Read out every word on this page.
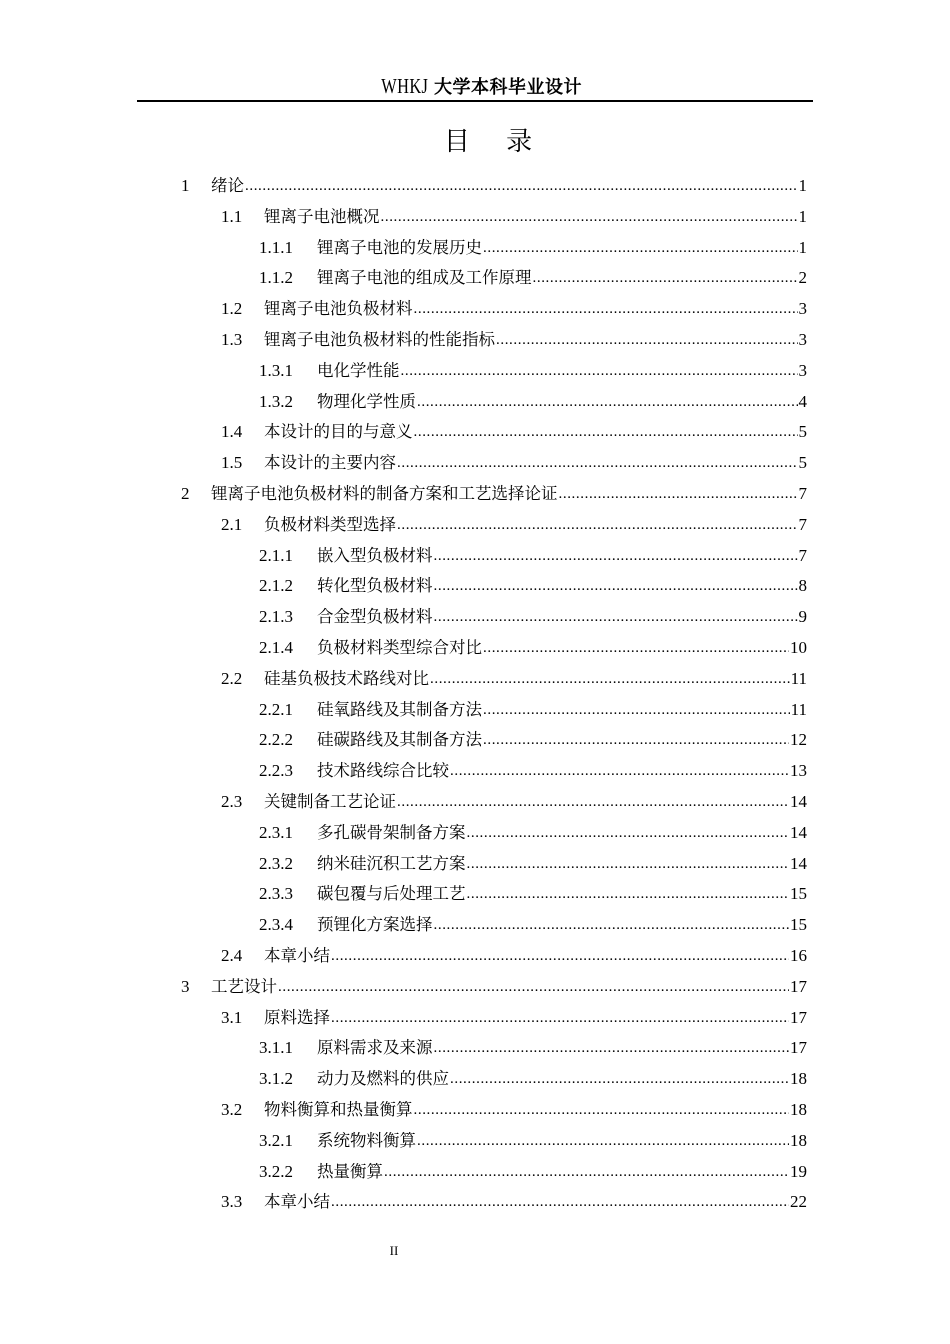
WHKJ 大学本科毕业设计
目 录
1	绪论 .....	1
1.1	锂离子电池概况 .....	1
1.1.1	锂离子电池的发展历史 .....	1
1.1.2	锂离子电池的组成及工作原理 .....	2
1.2	锂离子电池负极材料 .....	3
1.3	锂离子电池负极材料的性能指标 .....	3
1.3.1	电化学性能 .....	3
1.3.2	物理化学性质 .....	4
1.4	本设计的目的与意义 .....	5
1.5	本设计的主要内容 .....	5
2	锂离子电池负极材料的制备方案和工艺选择论证 .....	7
2.1	负极材料类型选择 .....	7
2.1.1	嵌入型负极材料 .....	7
2.1.2	转化型负极材料 .....	8
2.1.3	合金型负极材料 .....	9
2.1.4	负极材料类型综合对比 .....	10
2.2	硅基负极技术路线对比 .....	11
2.2.1	硅氧路线及其制备方法 .....	11
2.2.2	硅碳路线及其制备方法 .....	12
2.2.3	技术路线综合比较 .....	13
2.3	关键制备工艺论证 .....	14
2.3.1	多孔碳骨架制备方案 .....	14
2.3.2	纳米硅沉积工艺方案 .....	14
2.3.3	碳包覆与后处理工艺 .....	15
2.3.4	预锂化方案选择 .....	15
2.4	本章小结 .....	16
3	工艺设计 .....	17
3.1	原料选择 .....	17
3.1.1	原料需求及来源 .....	17
3.1.2	动力及燃料的供应 .....	18
3.2	物料衡算和热量衡算 .....	18
3.2.1	系统物料衡算 .....	18
3.2.2	热量衡算 .....	19
3.3	本章小结 .....	22
II
